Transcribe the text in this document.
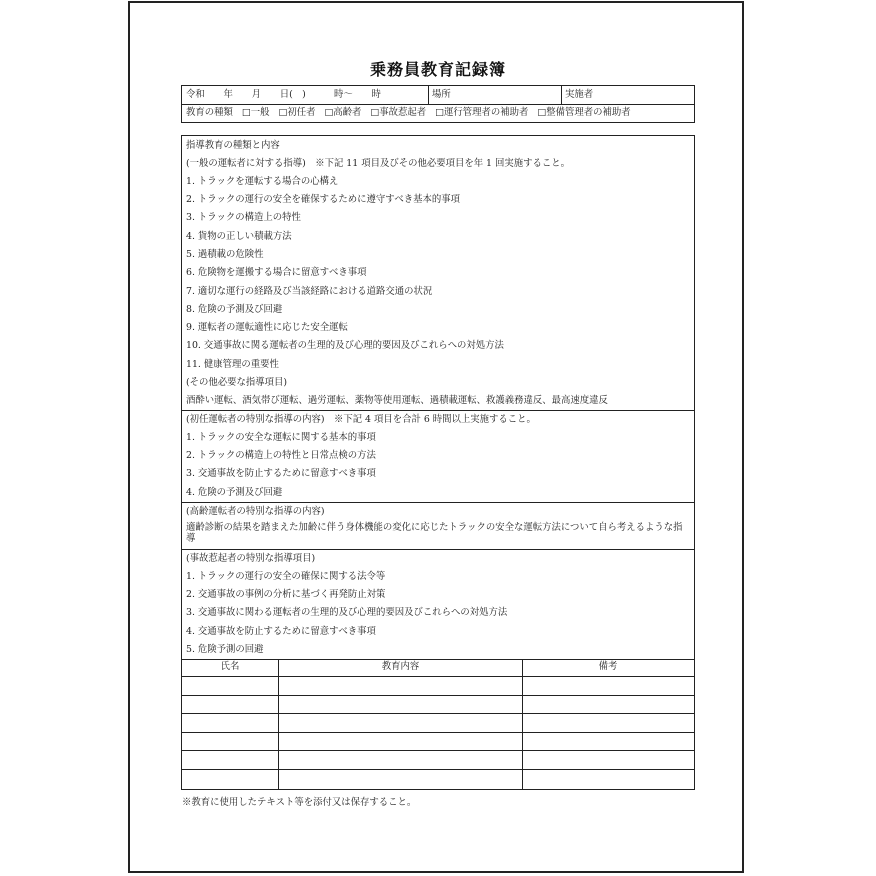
乗務員教育記録簿
令和　　年　　月　　日(　)　　　時〜　　時	場所	実施者
教育の種類 □一般 □初任者 □高齢者 □事故惹起者 □運行管理者の補助者 □整備管理者の補助者
指導教育の種類と内容
(一般の運転者に対する指導)　※下記 11 項目及びその他必要項目を年 1 回実施すること。
1. トラックを運転する場合の心構え
2. トラックの運行の安全を確保するために遵守すべき基本的事項
3. トラックの構造上の特性
4. 貨物の正しい積載方法
5. 過積載の危険性
6. 危険物を運搬する場合に留意すべき事項
7. 適切な運行の経路及び当該経路における道路交通の状況
8. 危険の予測及び回避
9. 運転者の運転適性に応じた安全運転
10. 交通事故に関る運転者の生理的及び心理的要因及びこれらへの対処方法
11. 健康管理の重要性
(その他必要な指導項目)
酒酔い運転、酒気帯び運転、過労運転、薬物等使用運転、過積載運転、救護義務違反、最高速度違反
(初任運転者の特別な指導の内容)　※下記 4 項目を合計 6 時間以上実施すること。
1. トラックの安全な運転に関する基本的事項
2. トラックの構造上の特性と日常点検の方法
3. 交通事故を防止するために留意すべき事項
4. 危険の予測及び回避
(高齢運転者の特別な指導の内容)
適齢診断の結果を踏まえた加齢に伴う身体機能の変化に応じたトラックの安全な運転方法について自ら考えるような指導
(事故惹起者の特別な指導項目)
1. トラックの運行の安全の確保に関する法令等
2. 交通事故の事例の分析に基づく再発防止対策
3. 交通事故に関わる運転者の生理的及び心理的要因及びこれらへの対処方法
4. 交通事故を防止するために留意すべき事項
5. 危険予測の回避
氏名	教育内容	備考
※教育に使用したテキスト等を添付又は保存すること。
